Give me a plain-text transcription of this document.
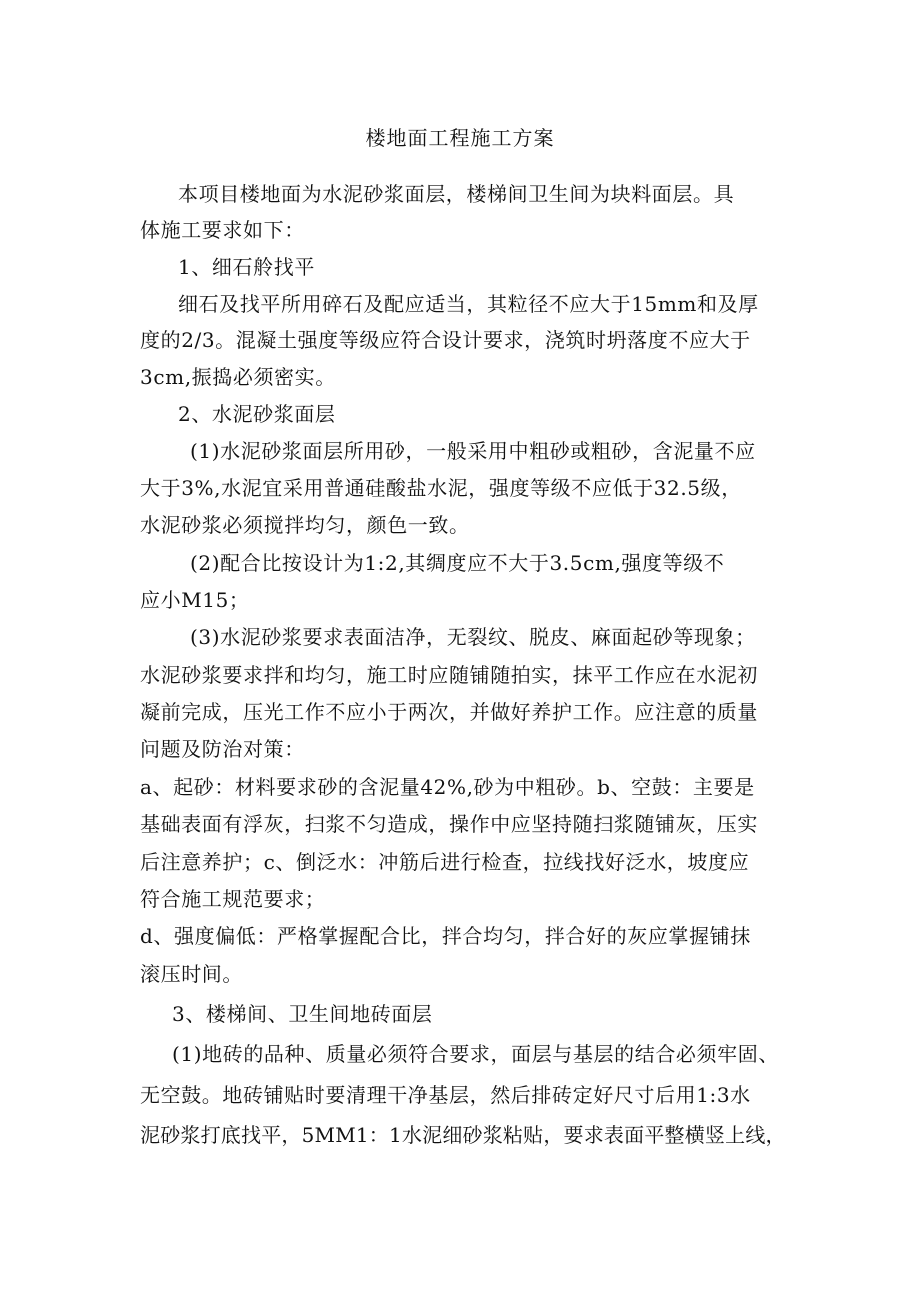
楼地面工程施工方案
本项目楼地面为水泥砂浆面层，楼梯间卫生间为块料面层。具
体施工要求如下：
1、细石舲找平
细石及找平所用碎石及配应适当，其粒径不应大于15mm和及厚
度的2/3。混凝土强度等级应符合设计要求，浇筑时坍落度不应大于
3cm,振捣必须密实。
2、水泥砂浆面层
(1)水泥砂浆面层所用砂，一般采用中粗砂或粗砂，含泥量不应
大于3%,水泥宜采用普通硅酸盐水泥，强度等级不应低于32.5级，
水泥砂浆必须搅拌均匀，颜色一致。
(2)配合比按设计为1:2,其绸度应不大于3.5cm,强度等级不
应小M15；
(3)水泥砂浆要求表面洁净，无裂纹、脱皮、麻面起砂等现象；
水泥砂浆要求拌和均匀，施工时应随铺随拍实，抹平工作应在水泥初
凝前完成，压光工作不应小于两次，并做好养护工作。应注意的质量
问题及防治对策：
a、起砂：材料要求砂的含泥量42%,砂为中粗砂。b、空鼓：主要是
基础表面有浮灰，扫浆不匀造成，操作中应坚持随扫浆随铺灰，压实
后注意养护；c、倒泛水：冲筋后进行检查，拉线找好泛水，坡度应
符合施工规范要求；
d、强度偏低：严格掌握配合比，拌合均匀，拌合好的灰应掌握铺抹
滚压时间。
3、楼梯间、卫生间地砖面层
(1)地砖的品种、质量必须符合要求，面层与基层的结合必须牢固、
无空鼓。地砖铺贴时要清理干净基层，然后排砖定好尺寸后用1:3水
泥砂浆打底找平，5MM1：1水泥细砂浆粘贴，要求表面平整横竖上线，
